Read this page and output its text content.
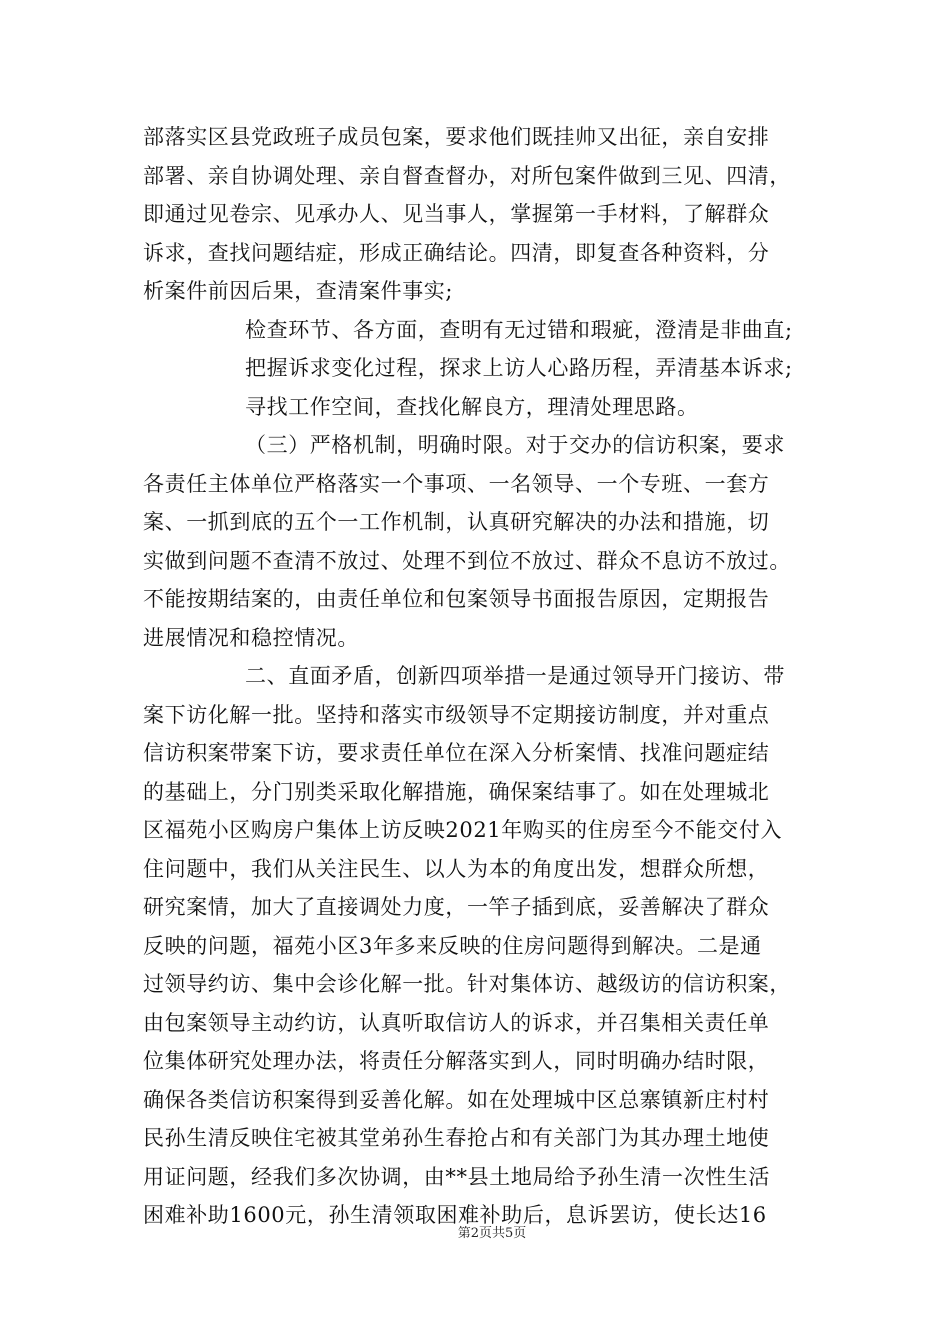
部落实区县党政班子成员包案，要求他们既挂帅又出征，亲自安排
部署、亲自协调处理、亲自督查督办，对所包案件做到三见、四清，
即通过见卷宗、见承办人、见当事人，掌握第一手材料，了解群众
诉求，查找问题结症，形成正确结论。四清，即复查各种资料，分
析案件前因后果，查清案件事实;
检查环节、各方面，查明有无过错和瑕疵，澄清是非曲直;
把握诉求变化过程，探求上访人心路历程，弄清基本诉求;
寻找工作空间，查找化解良方，理清处理思路。
（三）严格机制，明确时限。对于交办的信访积案，要求
各责任主体单位严格落实一个事项、一名领导、一个专班、一套方
案、一抓到底的五个一工作机制，认真研究解决的办法和措施，切
实做到问题不查清不放过、处理不到位不放过、群众不息访不放过。
不能按期结案的，由责任单位和包案领导书面报告原因，定期报告
进展情况和稳控情况。
二、直面矛盾，创新四项举措一是通过领导开门接访、带
案下访化解一批。坚持和落实市级领导不定期接访制度，并对重点
信访积案带案下访，要求责任单位在深入分析案情、找准问题症结
的基础上，分门别类采取化解措施，确保案结事了。如在处理城北
区福苑小区购房户集体上访反映2021年购买的住房至今不能交付入
住问题中，我们从关注民生、以人为本的角度出发，想群众所想，
研究案情，加大了直接调处力度，一竿子插到底，妥善解决了群众
反映的问题，福苑小区3年多来反映的住房问题得到解决。二是通
过领导约访、集中会诊化解一批。针对集体访、越级访的信访积案，
由包案领导主动约访，认真听取信访人的诉求，并召集相关责任单
位集体研究处理办法，将责任分解落实到人，同时明确办结时限，
确保各类信访积案得到妥善化解。如在处理城中区总寨镇新庄村村
民孙生清反映住宅被其堂弟孙生春抢占和有关部门为其办理土地使
用证问题，经我们多次协调，由**县土地局给予孙生清一次性生活
困难补助1600元，孙生清领取困难补助后，息诉罢访，使长达16
第2页共5页
